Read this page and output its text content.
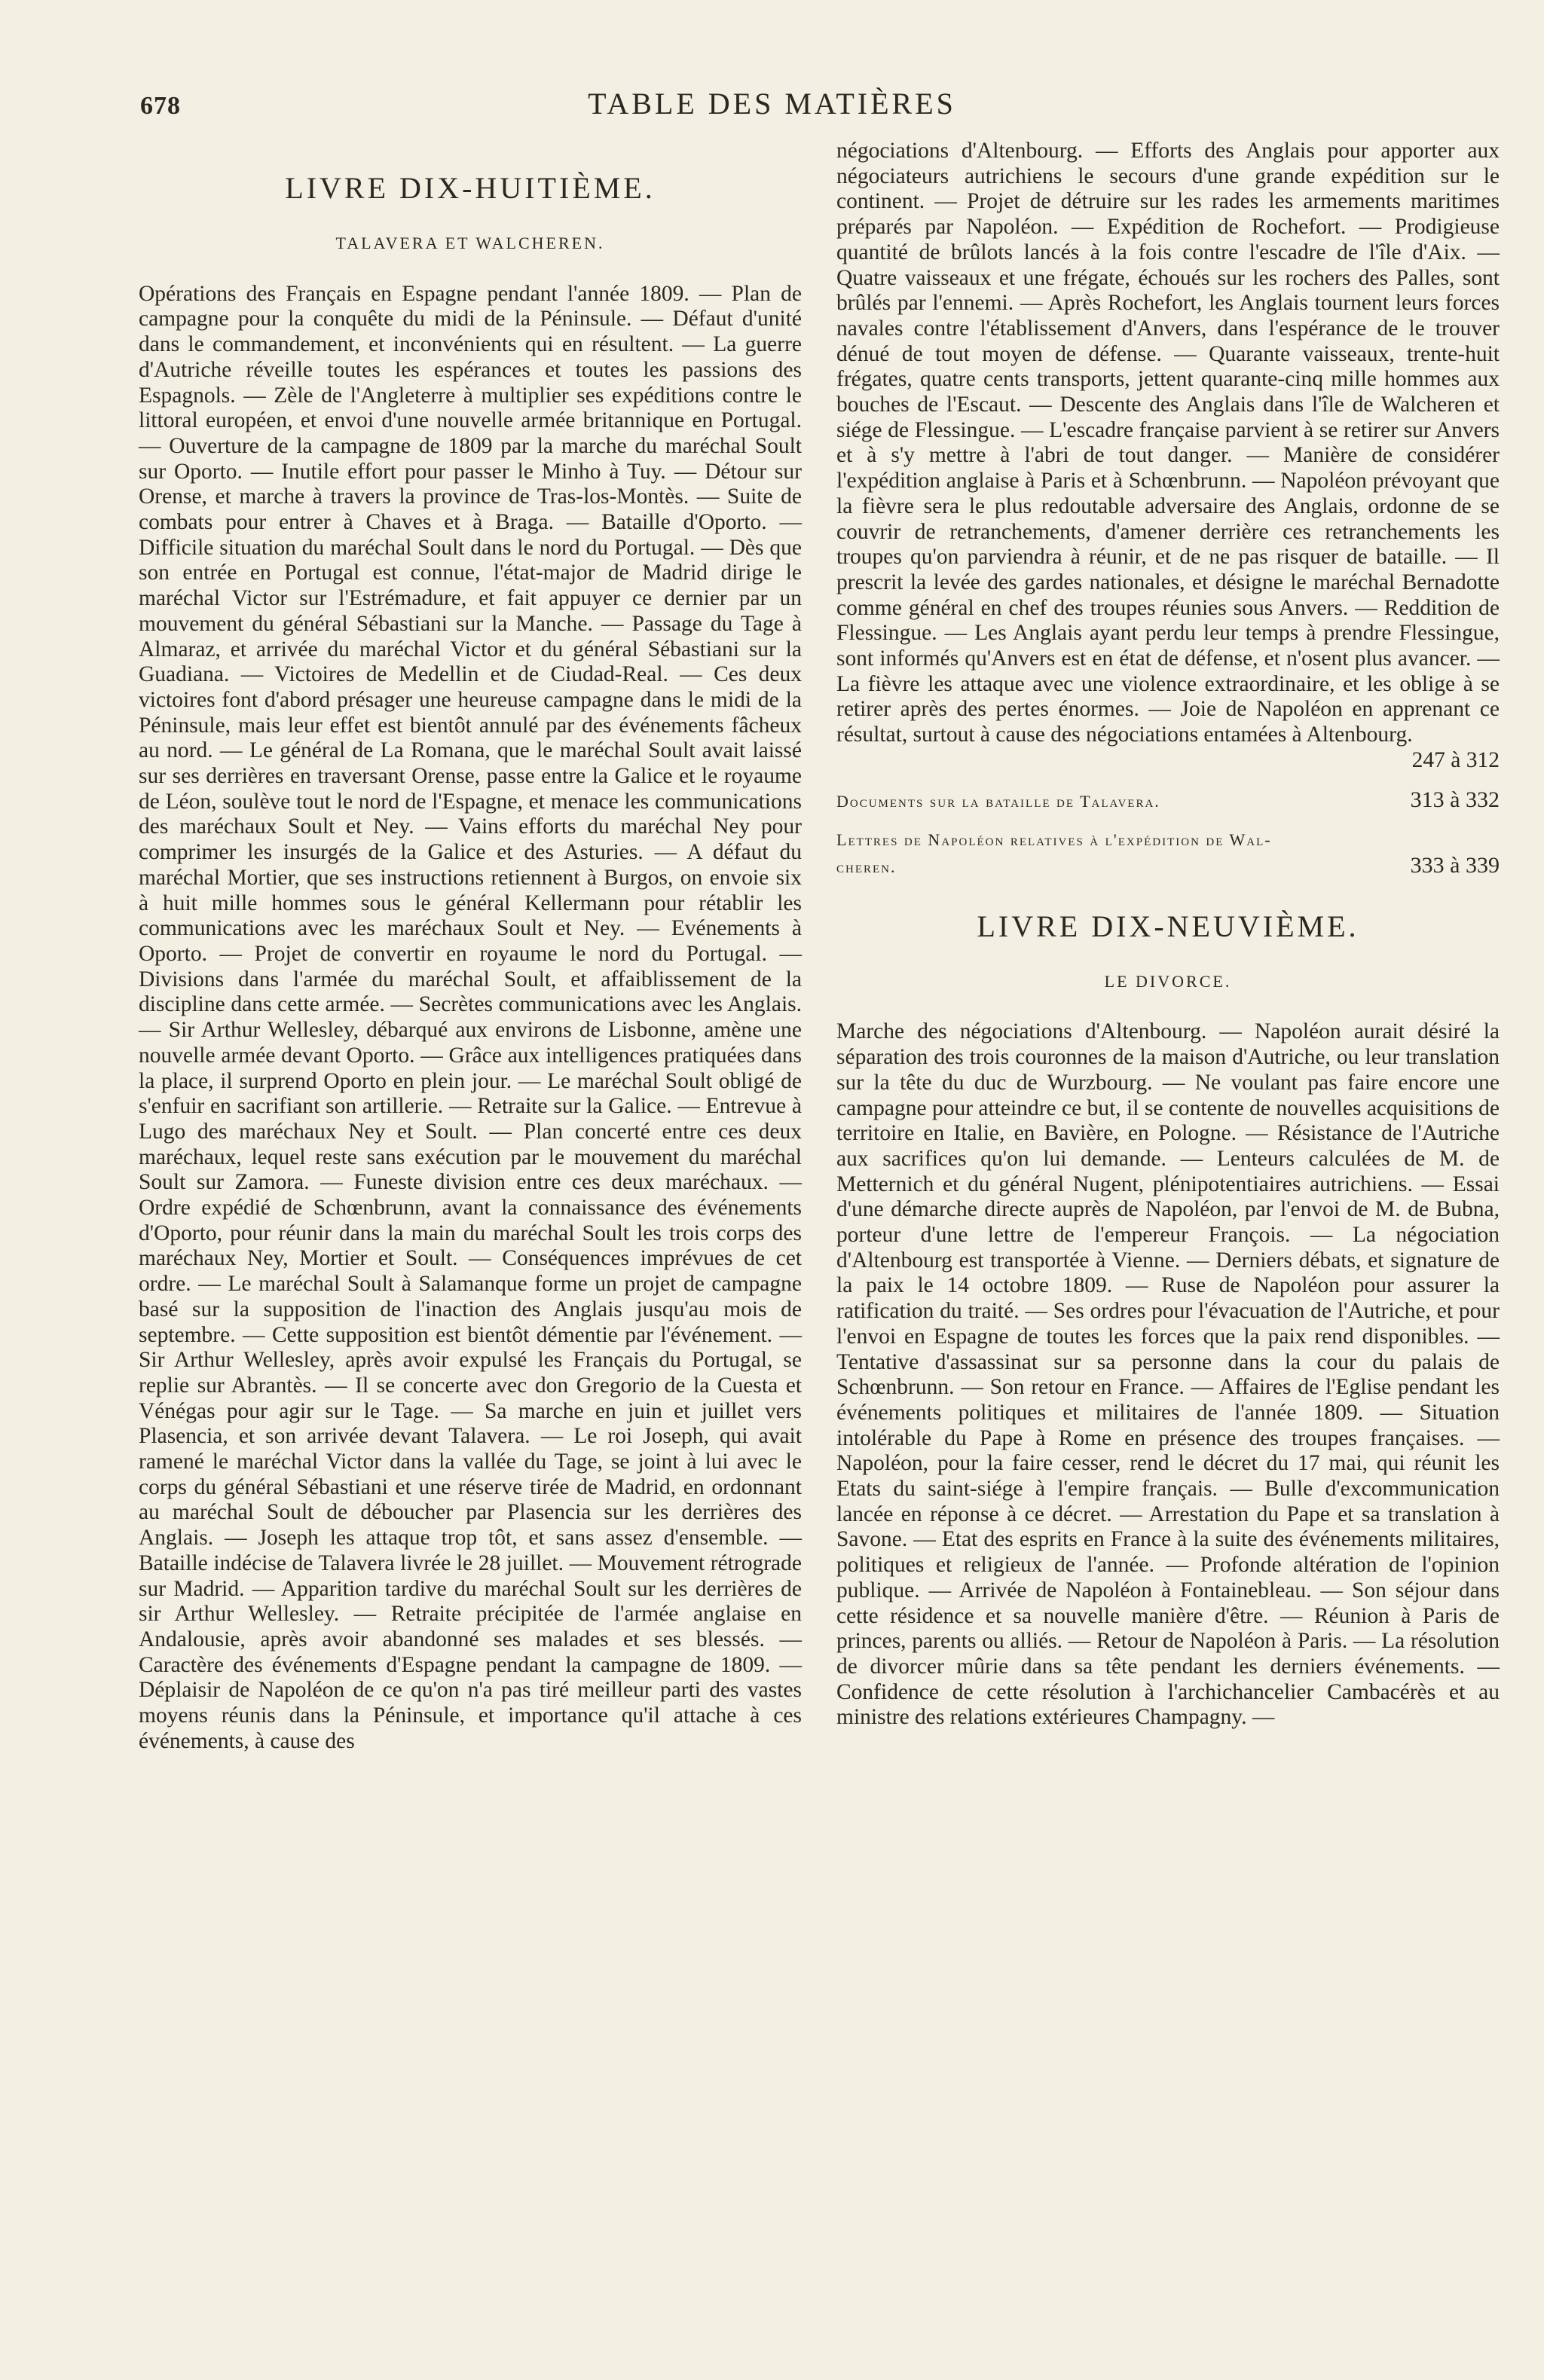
678	TABLE DES MATIÈRES
LIVRE DIX-HUITIÈME.
TALAVERA ET WALCHEREN.

Opérations des Français en Espagne pendant l'année 1809. — Plan de campagne pour la conquête du midi de la Péninsule. — Défaut d'unité dans le commandement, et inconvénients qui en résultent. — La guerre d'Autriche réveille toutes les espérances et toutes les passions des Espagnols. — Zèle de l'Angleterre à multiplier ses expéditions contre le littoral européen, et envoi d'une nouvelle armée britannique en Portugal. — Ouverture de la campagne de 1809 par la marche du maréchal Soult sur Oporto. — Inutile effort pour passer le Minho à Tuy. — Détour sur Orense, et marche à travers la province de Tras-los-Montès. — Suite de combats pour entrer à Chaves et à Braga. — Bataille d'Oporto. — Difficile situation du maréchal Soult dans le nord du Portugal. — Dès que son entrée en Portugal est connue, l'état-major de Madrid dirige le maréchal Victor sur l'Estrémadure, et fait appuyer ce dernier par un mouvement du général Sébastiani sur la Manche. — Passage du Tage à Almaraz, et arrivée du maréchal Victor et du général Sébastiani sur la Guadiana. — Victoires de Medellin et de Ciudad-Real. — Ces deux victoires font d'abord présager une heureuse campagne dans le midi de la Péninsule, mais leur effet est bientôt annulé par des événements fâcheux au nord. — Le général de La Romana, que le maréchal Soult avait laissé sur ses derrières en traversant Orense, passe entre la Galice et le royaume de Léon, soulève tout le nord de l'Espagne, et menace les communications des maréchaux Soult et Ney. — Vains efforts du maréchal Ney pour comprimer les insurgés de la Galice et des Asturies. — A défaut du maréchal Mortier, que ses instructions retiennent à Burgos, on envoie six à huit mille hommes sous le général Kellermann pour rétablir les communications avec les maréchaux Soult et Ney. — Evénements à Oporto. — Projet de convertir en royaume le nord du Portugal. — Divisions dans l'armée du maréchal Soult, et affaiblissement de la discipline dans cette armée. — Secrètes communications avec les Anglais. — Sir Arthur Wellesley, débarqué aux environs de Lisbonne, amène une nouvelle armée devant Oporto. — Grâce aux intelligences pratiquées dans la place, il surprend Oporto en plein jour. — Le maréchal Soult obligé de s'enfuir en sacrifiant son artillerie. — Retraite sur la Galice. — Entrevue à Lugo des maréchaux Ney et Soult. — Plan concerté entre ces deux maréchaux, lequel reste sans exécution par le mouvement du maréchal Soult sur Zamora. — Funeste division entre ces deux maréchaux. — Ordre expédié de Schœnbrunn, avant la connaissance des événements d'Oporto, pour réunir dans la main du maréchal Soult les trois corps des maréchaux Ney, Mortier et Soult. — Conséquences imprévues de cet ordre. — Le maréchal Soult à Salamanque forme un projet de campagne basé sur la supposition de l'inaction des Anglais jusqu'au mois de septembre. — Cette supposition est bientôt démentie par l'événement. — Sir Arthur Wellesley, après avoir expulsé les Français du Portugal, se replie sur Abrantès. — Il se concerte avec don Gregorio de la Cuesta et Vénégas pour agir sur le Tage. — Sa marche en juin et juillet vers Plasencia, et son arrivée devant Talavera. — Le roi Joseph, qui avait ramené le maréchal Victor dans la vallée du Tage, se joint à lui avec le corps du général Sébastiani et une réserve tirée de Madrid, en ordonnant au maréchal Soult de déboucher par Plasencia sur les derrières des Anglais. — Joseph les attaque trop tôt, et sans assez d'ensemble. — Bataille indécise de Talavera livrée le 28 juillet. — Mouvement rétrograde sur Madrid. — Apparition tardive du maréchal Soult sur les derrières de sir Arthur Wellesley. — Retraite précipitée de l'armée anglaise en Andalousie, après avoir abandonné ses malades et ses blessés. — Caractère des événements d'Espagne pendant la campagne de 1809. — Déplaisir de Napoléon de ce qu'on n'a pas tiré meilleur parti des vastes moyens réunis dans la Péninsule, et importance qu'il attache à ces événements, à cause des

négociations d'Altenbourg. — Efforts des Anglais pour apporter aux négociateurs autrichiens le secours d'une grande expédition sur le continent. — Projet de détruire sur les rades les armements maritimes préparés par Napoléon. — Expédition de Rochefort. — Prodigieuse quantité de brûlots lancés à la fois contre l'escadre de l'île d'Aix. — Quatre vaisseaux et une frégate, échoués sur les rochers des Palles, sont brûlés par l'ennemi. — Après Rochefort, les Anglais tournent leurs forces navales contre l'établissement d'Anvers, dans l'espérance de le trouver dénué de tout moyen de défense. — Quarante vaisseaux, trente-huit frégates, quatre cents transports, jettent quarante-cinq mille hommes aux bouches de l'Escaut. — Descente des Anglais dans l'île de Walcheren et siége de Flessingue. — L'escadre française parvient à se retirer sur Anvers et à s'y mettre à l'abri de tout danger. — Manière de considérer l'expédition anglaise à Paris et à Schœnbrunn. — Napoléon prévoyant que la fièvre sera le plus redoutable adversaire des Anglais, ordonne de se couvrir de retranchements, d'amener derrière ces retranchements les troupes qu'on parviendra à réunir, et de ne pas risquer de bataille. — Il prescrit la levée des gardes nationales, et désigne le maréchal Bernadotte comme général en chef des troupes réunies sous Anvers. — Reddition de Flessingue. — Les Anglais ayant perdu leur temps à prendre Flessingue, sont informés qu'Anvers est en état de défense, et n'osent plus avancer. — La fièvre les attaque avec une violence extraordinaire, et les oblige à se retirer après des pertes énormes. — Joie de Napoléon en apprenant ce résultat, surtout à cause des négociations entamées à Altenbourg.

247 à 312
Documents sur la bataille de Talavera.	313 à 332
Lettres de Napoléon relatives à l'expédition de Wal-
cheren.	333 à 339
LIVRE DIX-NEUVIÈME.
LE DIVORCE.

Marche des négociations d'Altenbourg. — Napoléon aurait désiré la séparation des trois couronnes de la maison d'Autriche, ou leur translation sur la tête du duc de Wurzbourg. — Ne voulant pas faire encore une campagne pour atteindre ce but, il se contente de nouvelles acquisitions de territoire en Italie, en Bavière, en Pologne. — Résistance de l'Autriche aux sacrifices qu'on lui demande. — Lenteurs calculées de M. de Metternich et du général Nugent, plénipotentiaires autrichiens. — Essai d'une démarche directe auprès de Napoléon, par l'envoi de M. de Bubna, porteur d'une lettre de l'empereur François. — La négociation d'Altenbourg est transportée à Vienne. — Derniers débats, et signature de la paix le 14 octobre 1809. — Ruse de Napoléon pour assurer la ratification du traité. — Ses ordres pour l'évacuation de l'Autriche, et pour l'envoi en Espagne de toutes les forces que la paix rend disponibles. — Tentative d'assassinat sur sa personne dans la cour du palais de Schœnbrunn. — Son retour en France. — Affaires de l'Eglise pendant les événements politiques et militaires de l'année 1809. — Situation intolérable du Pape à Rome en présence des troupes françaises. — Napoléon, pour la faire cesser, rend le décret du 17 mai, qui réunit les Etats du saint-siége à l'empire français. — Bulle d'excommunication lancée en réponse à ce décret. — Arrestation du Pape et sa translation à Savone. — Etat des esprits en France à la suite des événements militaires, politiques et religieux de l'année. — Profonde altération de l'opinion publique. — Arrivée de Napoléon à Fontainebleau. — Son séjour dans cette résidence et sa nouvelle manière d'être. — Réunion à Paris de princes, parents ou alliés. — Retour de Napoléon à Paris. — La résolution de divorcer mûrie dans sa tête pendant les derniers événements. — Confidence de cette résolution à l'archichancelier Cambacérès et au ministre des relations extérieures Champagny. —
